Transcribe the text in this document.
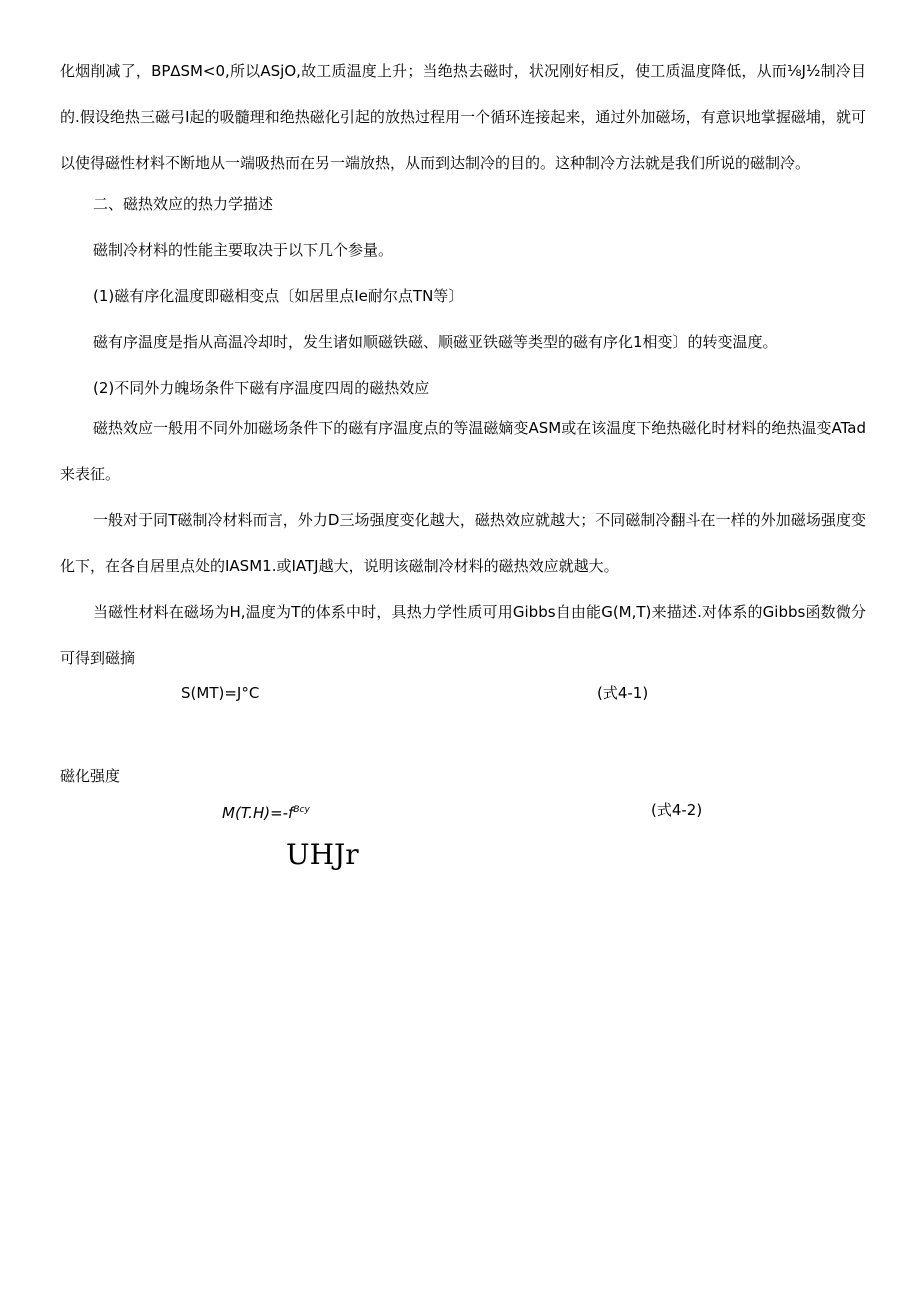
化烟削减了，BP∆SM<0,所以ASjO,故工质温度上升；当绝热去磁时，状况刚好相反，使工质温度降低，从而⅛J½制冷目的.假设绝热三磁弓I起的吸髓理和绝热磁化引起的放热过程用一个循环连接起来，通过外加磁场，有意识地掌握磁埔，就可以使得磁性材料不断地从一端吸热而在另一端放热，从而到达制冷的目的。这种制冷方法就是我们所说的磁制冷。

二、磁热效应的热力学描述

磁制冷材料的性能主要取决于以下几个参量。

(1)磁有序化温度即磁相变点〔如居里点Ie耐尔点TN等〕

磁有序温度是指从高温冷却时，发生诸如顺磁铁磁、顺磁亚铁磁等类型的磁有序化1相变〕的转变温度。

(2)不同外力魄场条件下磁有序温度四周的磁热效应

磁热效应一般用不同外加磁场条件下的磁有序温度点的等温磁嫡变ASM或在该温度下绝热磁化时材料的绝热温变ATad来表征。

一般对于同T磁制冷材料而言，外力D三场强度变化越大，磁热效应就越大；不同磁制冷翻斗在一样的外加磁场强度变化下，在各自居里点处的IASM1.或IATJ越大，说明该磁制冷材料的磁热效应就越大。

当磁性材料在磁场为H,温度为T的体系中时，具热力学性质可用Gibbs自由能G(M,T)来描述.对体系的Gibbs函数微分可得到磁摘

S(MT)=J°C	(式4-1)

磁化强度

$M(T.H)=-f^{Bcy}$	(式4-2)
UHJr
